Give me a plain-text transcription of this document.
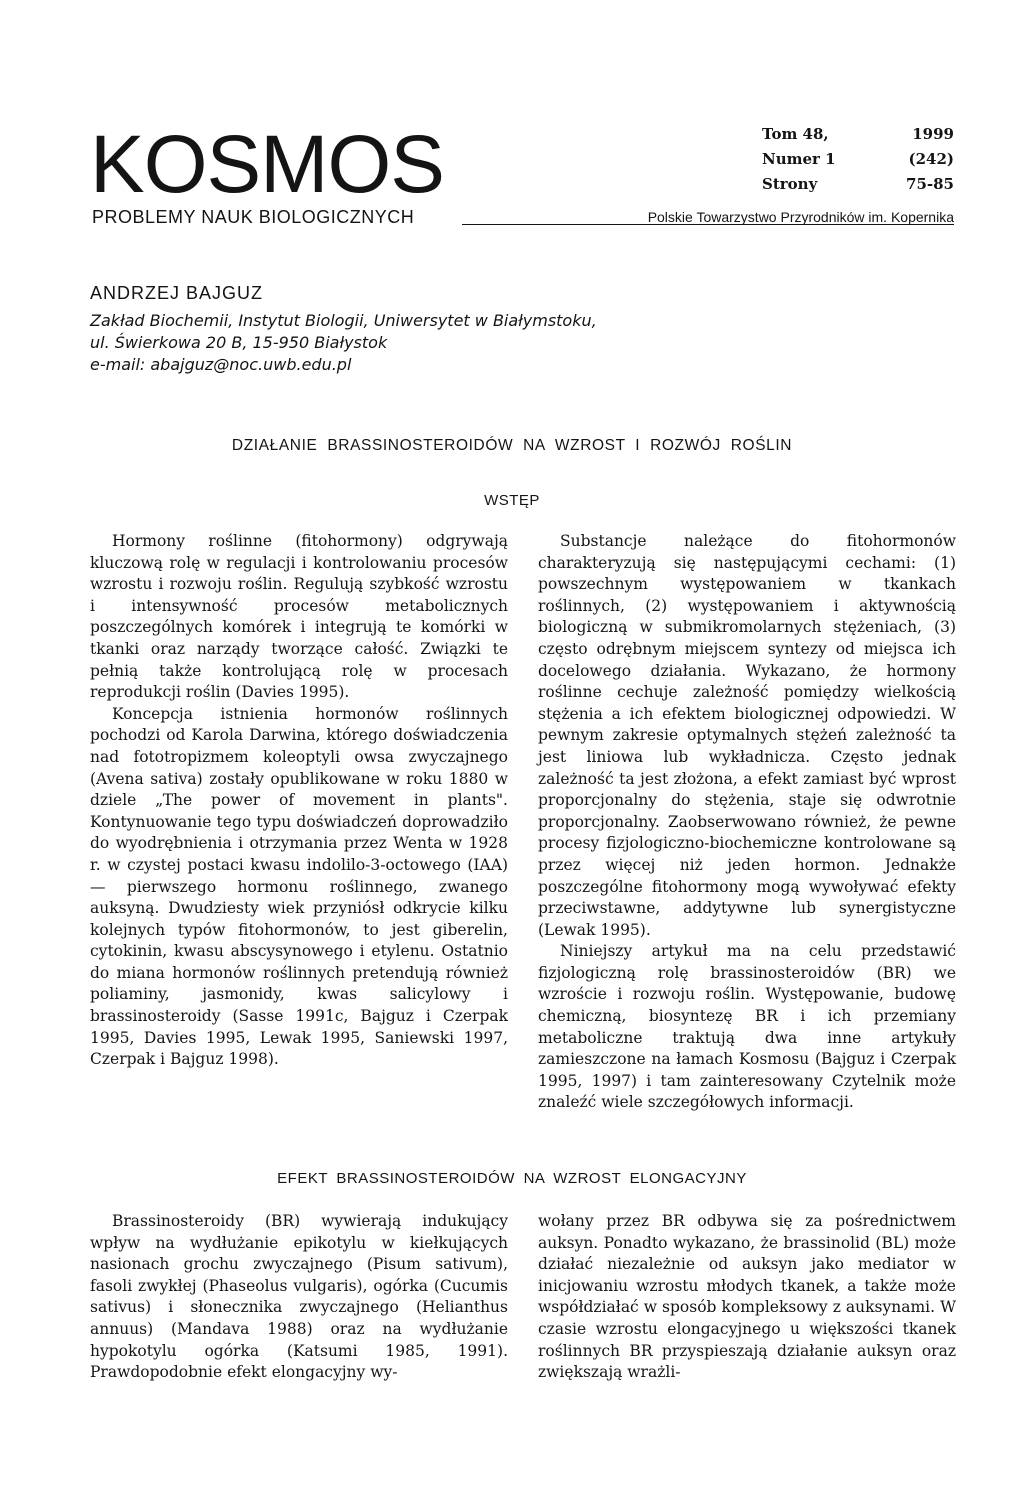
KOSMOS
PROBLEMY NAUK BIOLOGICZNYCH	Polskie Towarzystwo Przyrodników im. Kopernika
Tom 48,	1999
Numer 1	(242)
Strony	75-85
ANDRZEJ BAJGUZ
Zakład Biochemii, Instytut Biologii, Uniwersytet w Białymstoku,
ul. Świerkowa 20 B, 15-950 Białystok
e-mail: abajguz@noc.uwb.edu.pl
DZIAŁANIE BRASSINOSTEROIDÓW NA WZROST I ROZWÓJ ROŚLIN
WSTĘP

Hormony roślinne (fitohormony) odgrywają kluczową rolę w regulacji i kontrolowaniu procesów wzrostu i rozwoju roślin. Regulują szybkość wzrostu i intensywność procesów metabolicznych poszczególnych komórek i integrują te komórki w tkanki oraz narządy tworzące całość. Związki te pełnią także kontrolującą rolę w procesach reprodukcji roślin (Davies 1995).

Koncepcja istnienia hormonów roślinnych pochodzi od Karola Darwina, którego doświadczenia nad fototropizmem koleoptyli owsa zwyczajnego (Avena sativa) zostały opublikowane w roku 1880 w dziele „The power of movement in plants". Kontynuowanie tego typu doświadczeń doprowadziło do wyodrębnienia i otrzymania przez Wenta w 1928 r. w czystej postaci kwasu indolilo-3-octowego (IAA) — pierwszego hormonu roślinnego, zwanego auksyną. Dwudziesty wiek przyniósł odkrycie kilku kolejnych typów fitohormonów, to jest giberelin, cytokinin, kwasu abscysynowego i etylenu. Ostatnio do miana hormonów roślinnych pretendują również poliaminy, jasmonidy, kwas salicylowy i brassinosteroidy (Sasse 1991c, Bajguz i Czerpak 1995, Davies 1995, Lewak 1995, Saniewski 1997, Czerpak i Bajguz 1998).

Substancje należące do fitohormonów charakteryzują się następującymi cechami: (1) powszechnym występowaniem w tkankach roślinnych, (2) występowaniem i aktywnością biologiczną w submikromolarnych stężeniach, (3) często odrębnym miejscem syntezy od miejsca ich docelowego działania. Wykazano, że hormony roślinne cechuje zależność pomiędzy wielkością stężenia a ich efektem biologicznej odpowiedzi. W pewnym zakresie optymalnych stężeń zależność ta jest liniowa lub wykładnicza. Często jednak zależność ta jest złożona, a efekt zamiast być wprost proporcjonalny do stężenia, staje się odwrotnie proporcjonalny. Zaobserwowano również, że pewne procesy fizjologiczno-biochemiczne kontrolowane są przez więcej niż jeden hormon. Jednakże poszczególne fitohormony mogą wywoływać efekty przeciwstawne, addytywne lub synergistyczne (Lewak 1995).

Niniejszy artykuł ma na celu przedstawić fizjologiczną rolę brassinosteroidów (BR) we wzroście i rozwoju roślin. Występowanie, budowę chemiczną, biosyntezę BR i ich przemiany metaboliczne traktują dwa inne artykuły zamieszczone na łamach Kosmosu (Bajguz i Czerpak 1995, 1997) i tam zainteresowany Czytelnik może znaleźć wiele szczegółowych informacji.

EFEKT BRASSINOSTEROIDÓW NA WZROST ELONGACYJNY

Brassinosteroidy (BR) wywierają indukujący wpływ na wydłużanie epikotylu w kiełkujących nasionach grochu zwyczajnego (Pisum sativum), fasoli zwykłej (Phaseolus vulgaris), ogórka (Cucumis sativus) i słonecznika zwyczajnego (Helianthus annuus) (Mandava 1988) oraz na wydłużanie hypokotylu ogórka (Katsumi 1985, 1991). Prawdopodobnie efekt elongacyjny wy-

wołany przez BR odbywa się za pośrednictwem auksyn. Ponadto wykazano, że brassinolid (BL) może działać niezależnie od auksyn jako mediator w inicjowaniu wzrostu młodych tkanek, a także może współdziałać w sposób kompleksowy z auksynami. W czasie wzrostu elongacyjnego u większości tkanek roślinnych BR przyspieszają działanie auksyn oraz zwiększają wrażli-
